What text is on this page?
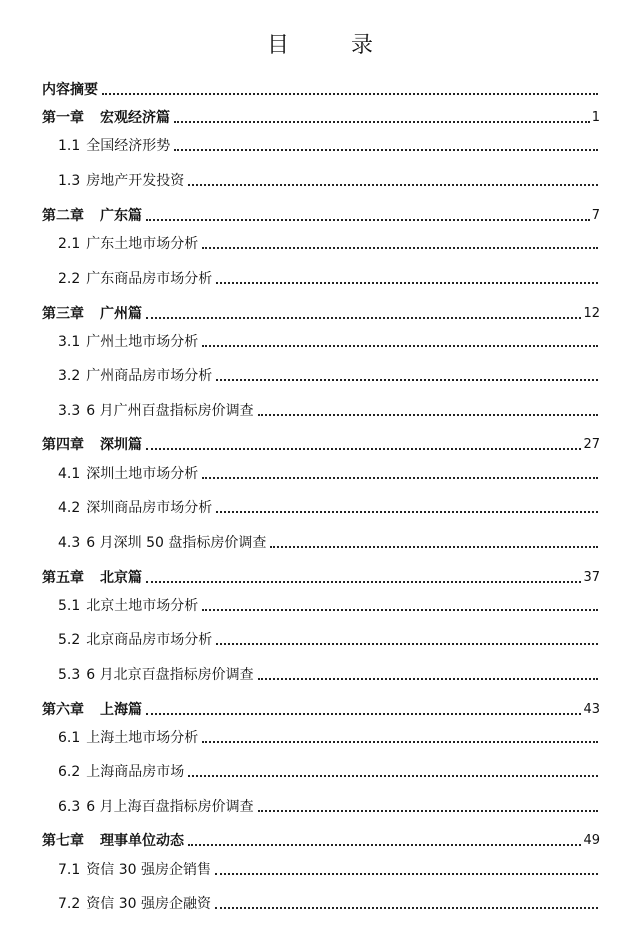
目　录
内容摘要
第一章 宏观经济篇	1
1.1 全国经济形势
1.3 房地产开发投资
第二章 广东篇	7
2.1 广东土地市场分析
2.2 广东商品房市场分析
第三章 广州篇	12
3.1 广州土地市场分析
3.2 广州商品房市场分析
3.3 6 月广州百盘指标房价调查
第四章 深圳篇	27
4.1 深圳土地市场分析
4.2 深圳商品房市场分析
4.3 6 月深圳 50 盘指标房价调查
第五章 北京篇	37
5.1 北京土地市场分析
5.2 北京商品房市场分析
5.3 6 月北京百盘指标房价调查
第六章 上海篇	43
6.1 上海土地市场分析
6.2 上海商品房市场
6.3 6 月上海百盘指标房价调查
第七章 理事单位动态	49
7.1 资信 30 强房企销售
7.2 资信 30 强房企融资
